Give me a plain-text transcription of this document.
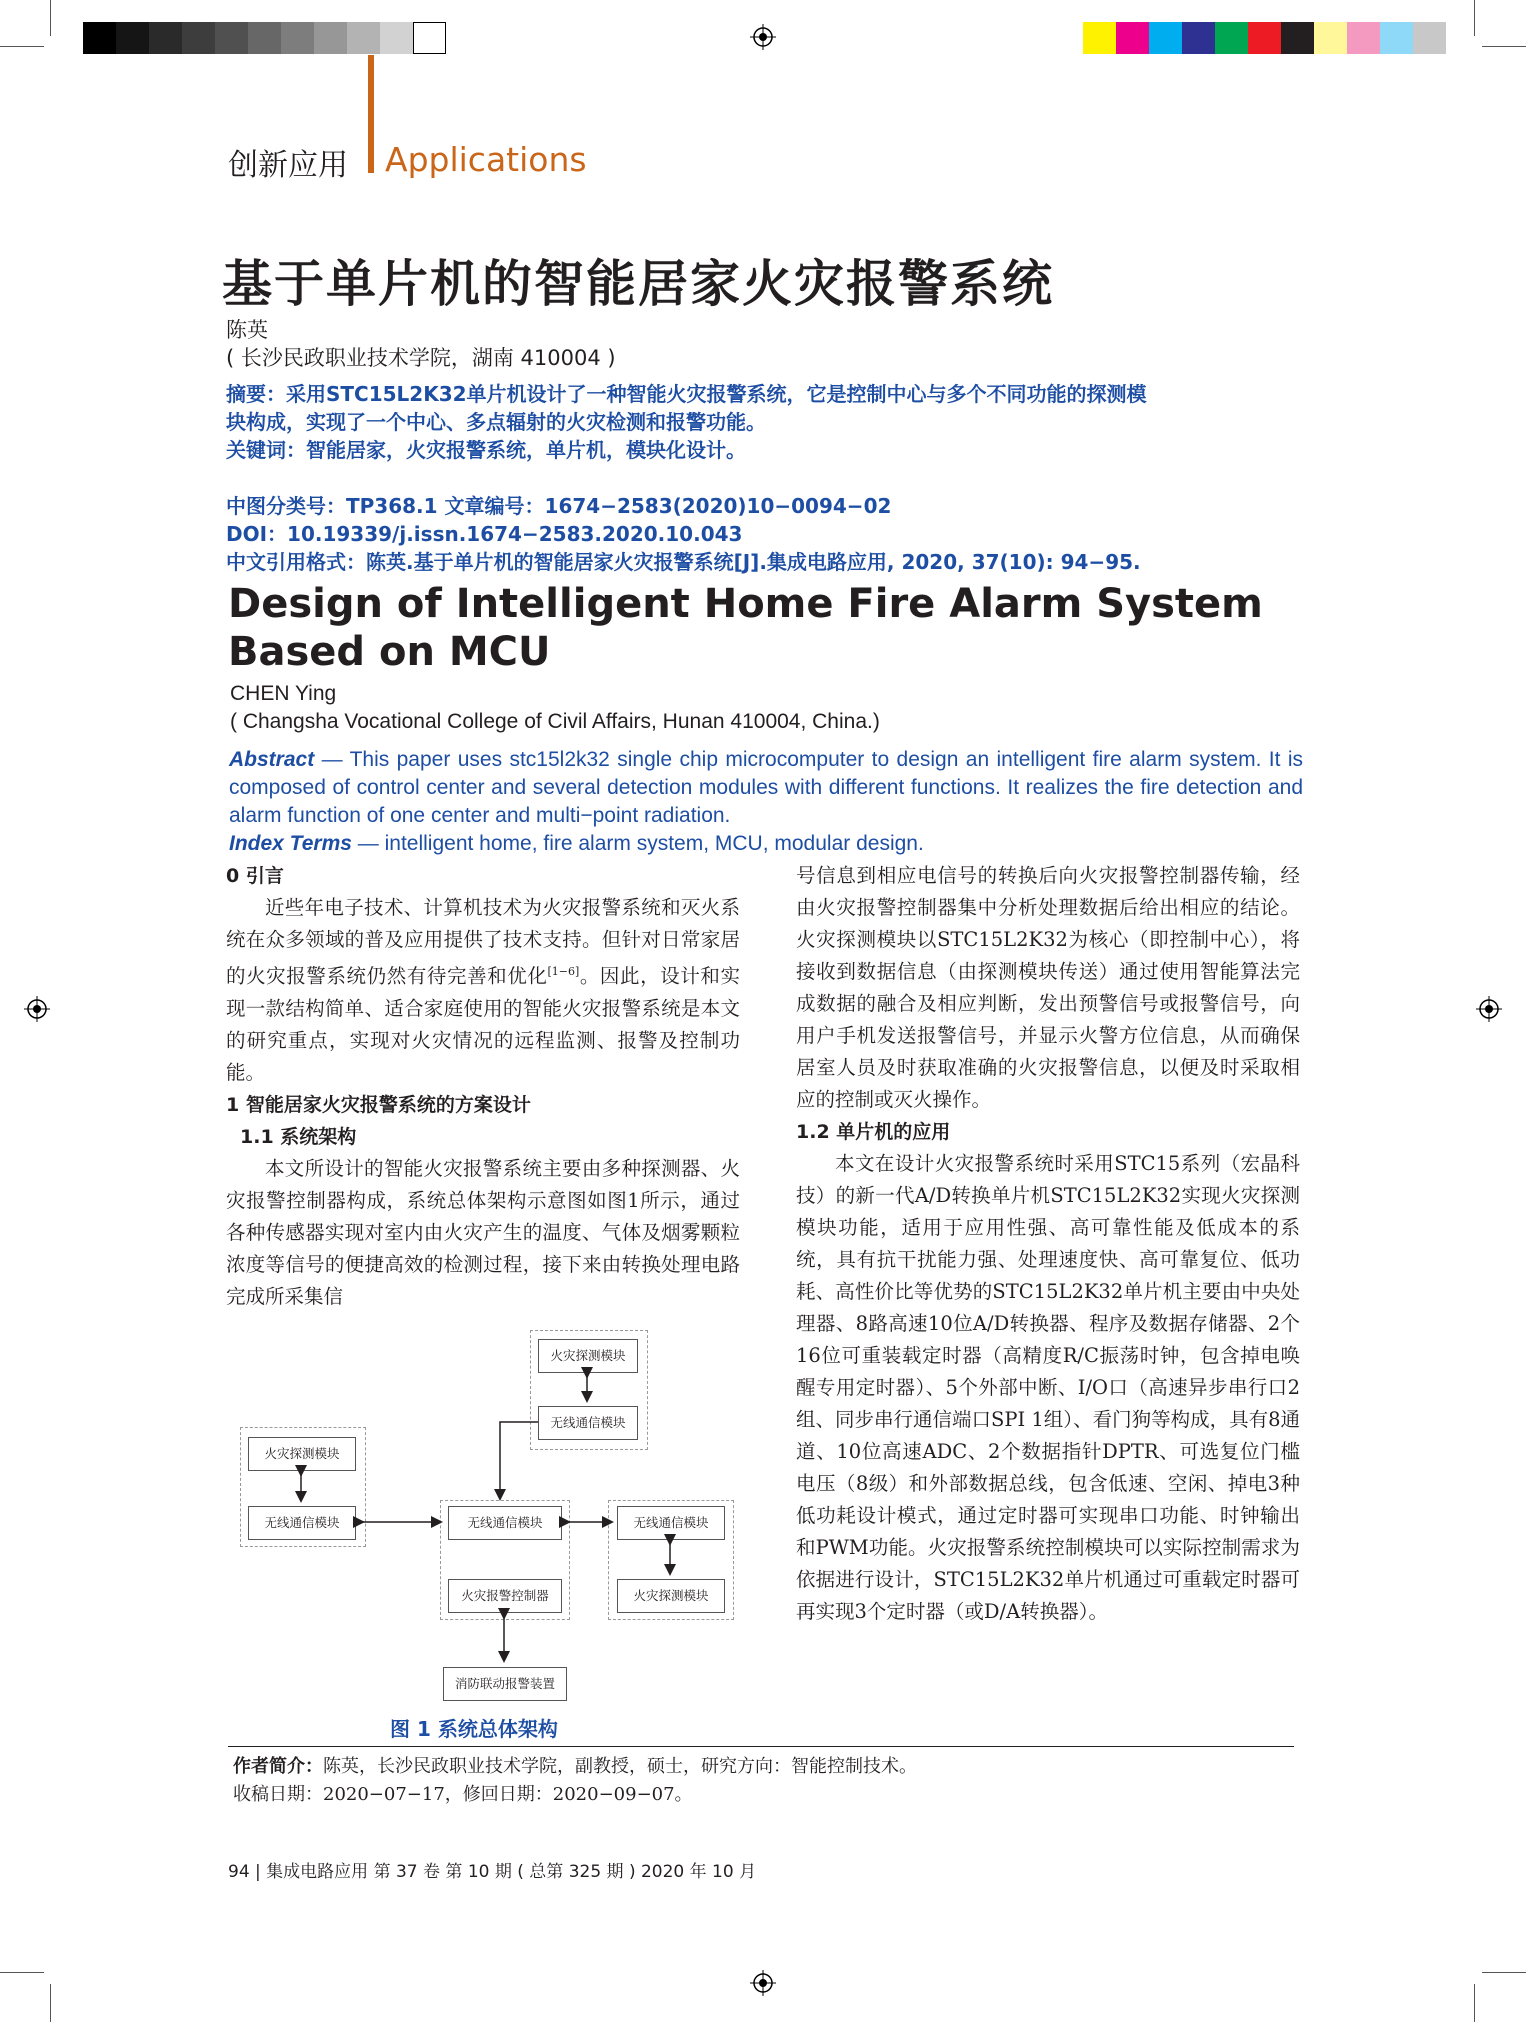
创新应用 Applications
基于单片机的智能居家火灾报警系统
陈英
( 长沙民政职业技术学院，湖南 410004 )
摘要：采用STC15L2K32单片机设计了一种智能火灾报警系统，它是控制中心与多个不同功能的探测模
块构成，实现了一个中心、多点辐射的火灾检测和报警功能。
关键词：智能居家，火灾报警系统，单片机，模块化设计。
中图分类号：TP368.1 文章编号：1674−2583(2020)10−0094−02
DOI：10.19339/j.issn.1674−2583.2020.10.043
中文引用格式：陈英.基于单片机的智能居家火灾报警系统[J].集成电路应用, 2020, 37(10): 94−95.
Design of Intelligent Home Fire Alarm System Based on MCU
CHEN Ying
( Changsha Vocational College of Civil Affairs, Hunan 410004, China.)
Abstract — This paper uses stc15l2k32 single chip microcomputer to design an intelligent fire alarm system. It is composed of control center and several detection modules with different functions. It realizes the fire detection and alarm function of one center and multi−point radiation.
Index Terms — intelligent home, fire alarm system, MCU, modular design.
0 引言

近些年电子技术、计算机技术为火灾报警系统和灭火系统在众多领域的普及应用提供了技术支持。但针对日常家居的火灾报警系统仍然有待完善和优化[1−6]。因此，设计和实现一款结构简单、适合家庭使用的智能火灾报警系统是本文的研究重点，实现对火灾情况的远程监测、报警及控制功能。

1 智能居家火灾报警系统的方案设计
1.1 系统架构

本文所设计的智能火灾报警系统主要由多种探测器、火灾报警控制器构成，系统总体架构示意图如图1所示，通过各种传感器实现对室内由火灾产生的温度、气体及烟雾颗粒浓度等信号的便捷高效的检测过程，接下来由转换处理电路完成所采集信

火灾探测模块
无线通信模块
火灾探测模块
无线通信模块	无线通信模块
火灾报警控制器
消防联动报警装置
无线通信模块
火灾探测模块
图 1 系统总体架构

号信息到相应电信号的转换后向火灾报警控制器传输，经由火灾报警控制器集中分析处理数据后给出相应的结论。火灾探测模块以STC15L2K32为核心（即控制中心），将接收到数据信息（由探测模块传送）通过使用智能算法完成数据的融合及相应判断，发出预警信号或报警信号，向用户手机发送报警信号，并显示火警方位信息，从而确保居室人员及时获取准确的火灾报警信息，以便及时采取相应的控制或灭火操作。

1.2 单片机的应用

本文在设计火灾报警系统时采用STC15系列（宏晶科技）的新一代A/D转换单片机STC15L2K32实现火灾探测模块功能，适用于应用性强、高可靠性能及低成本的系统，具有抗干扰能力强、处理速度快、高可靠复位、低功耗、高性价比等优势的STC15L2K32单片机主要由中央处理器、8路高速10位A/D转换器、程序及数据存储器、2个16位可重装载定时器（高精度R/C振荡时钟，包含掉电唤醒专用定时器）、5个外部中断、I/O口（高速异步串行口2组、同步串行通信端口SPI 1组）、看门狗等构成，具有8通道、10位高速ADC、2个数据指针DPTR、可选复位门槛电压（8级）和外部数据总线，包含低速、空闲、掉电3种低功耗设计模式，通过定时器可实现串口功能、时钟输出和PWM功能。火灾报警系统控制模块可以实际控制需求为依据进行设计，STC15L2K32单片机通过可重载定时器可再实现3个定时器（或D/A转换器）。

作者简介：陈英，长沙民政职业技术学院，副教授，硕士，研究方向：智能控制技术。
收稿日期：2020−07−17，修回日期：2020−09−07。
94 | 集成电路应用 第 37 卷 第 10 期 ( 总第 325 期 ) 2020 年 10 月
